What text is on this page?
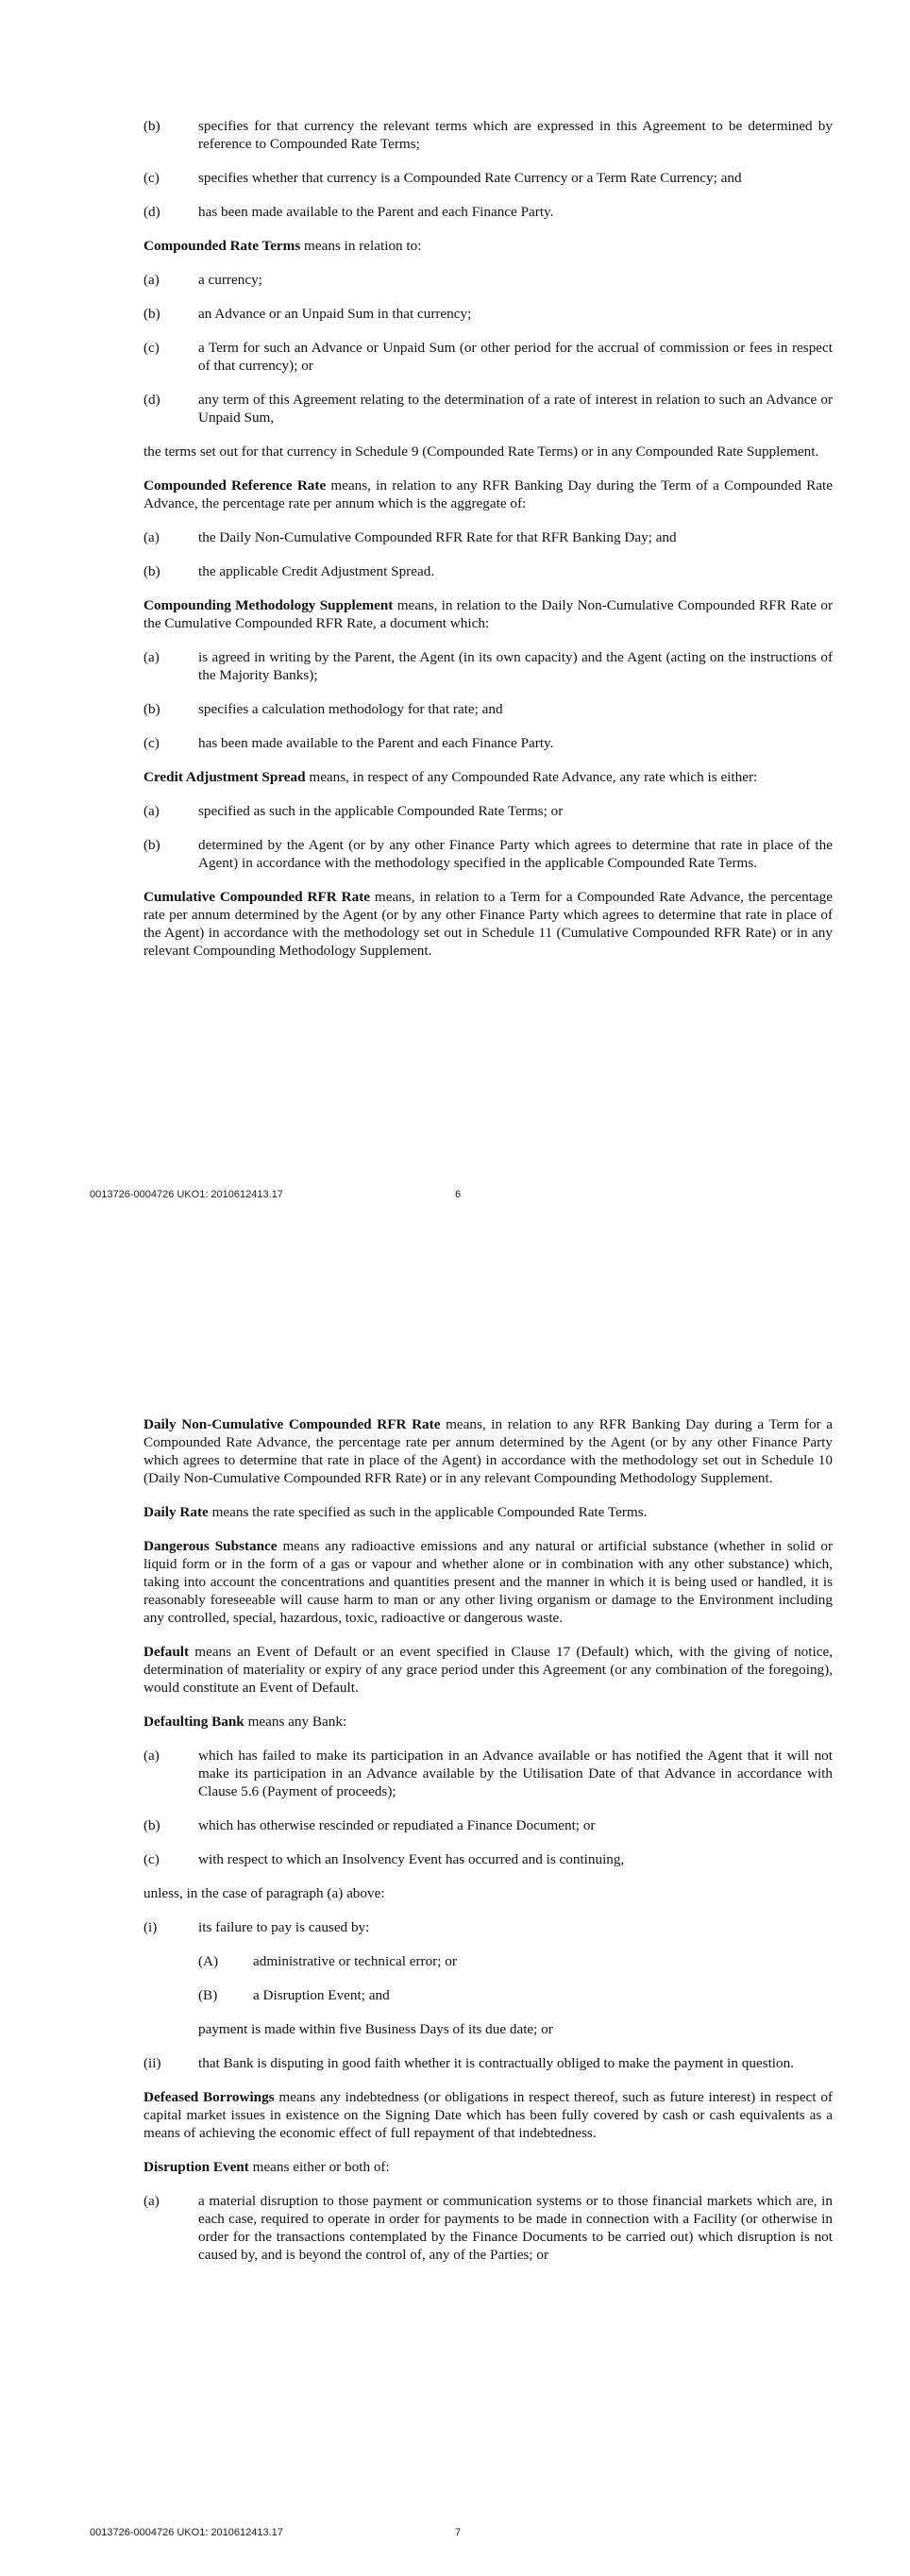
(b)	specifies for that currency the relevant terms which are expressed in this Agreement to be determined by reference to Compounded Rate Terms;
(c)	specifies whether that currency is a Compounded Rate Currency or a Term Rate Currency; and
(d)	has been made available to the Parent and each Finance Party.
Compounded Rate Terms means in relation to:
(a)	a currency;
(b)	an Advance or an Unpaid Sum in that currency;
(c)	a Term for such an Advance or Unpaid Sum (or other period for the accrual of commission or fees in respect of that currency); or
(d)	any term of this Agreement relating to the determination of a rate of interest in relation to such an Advance or Unpaid Sum,
the terms set out for that currency in Schedule 9 (Compounded Rate Terms) or in any Compounded Rate Supplement.
Compounded Reference Rate means, in relation to any RFR Banking Day during the Term of a Compounded Rate Advance, the percentage rate per annum which is the aggregate of:
(a)	the Daily Non-Cumulative Compounded RFR Rate for that RFR Banking Day; and
(b)	the applicable Credit Adjustment Spread.
Compounding Methodology Supplement means, in relation to the Daily Non-Cumulative Compounded RFR Rate or the Cumulative Compounded RFR Rate, a document which:
(a)	is agreed in writing by the Parent, the Agent (in its own capacity) and the Agent (acting on the instructions of the Majority Banks);
(b)	specifies a calculation methodology for that rate; and
(c)	has been made available to the Parent and each Finance Party.
Credit Adjustment Spread means, in respect of any Compounded Rate Advance, any rate which is either:
(a)	specified as such in the applicable Compounded Rate Terms; or
(b)	determined by the Agent (or by any other Finance Party which agrees to determine that rate in place of the Agent) in accordance with the methodology specified in the applicable Compounded Rate Terms.
Cumulative Compounded RFR Rate means, in relation to a Term for a Compounded Rate Advance, the percentage rate per annum determined by the Agent (or by any other Finance Party which agrees to determine that rate in place of the Agent) in accordance with the methodology set out in Schedule 11 (Cumulative Compounded RFR Rate) or in any relevant Compounding Methodology Supplement.
0013726-0004726 UKO1: 2010612413.17	6
Daily Non-Cumulative Compounded RFR Rate means, in relation to any RFR Banking Day during a Term for a Compounded Rate Advance, the percentage rate per annum determined by the Agent (or by any other Finance Party which agrees to determine that rate in place of the Agent) in accordance with the methodology set out in Schedule 10 (Daily Non-Cumulative Compounded RFR Rate) or in any relevant Compounding Methodology Supplement.
Daily Rate means the rate specified as such in the applicable Compounded Rate Terms.
Dangerous Substance means any radioactive emissions and any natural or artificial substance (whether in solid or liquid form or in the form of a gas or vapour and whether alone or in combination with any other substance) which, taking into account the concentrations and quantities present and the manner in which it is being used or handled, it is reasonably foreseeable will cause harm to man or any other living organism or damage to the Environment including any controlled, special, hazardous, toxic, radioactive or dangerous waste.
Default means an Event of Default or an event specified in Clause 17 (Default) which, with the giving of notice, determination of materiality or expiry of any grace period under this Agreement (or any combination of the foregoing), would constitute an Event of Default.
Defaulting Bank means any Bank:
(a)	which has failed to make its participation in an Advance available or has notified the Agent that it will not make its participation in an Advance available by the Utilisation Date of that Advance in accordance with Clause 5.6 (Payment of proceeds);
(b)	which has otherwise rescinded or repudiated a Finance Document; or
(c)	with respect to which an Insolvency Event has occurred and is continuing,
unless, in the case of paragraph (a) above:
(i)	its failure to pay is caused by:
(A)	administrative or technical error; or
(B)	a Disruption Event; and
payment is made within five Business Days of its due date; or
(ii)	that Bank is disputing in good faith whether it is contractually obliged to make the payment in question.
Defeased Borrowings means any indebtedness (or obligations in respect thereof, such as future interest) in respect of capital market issues in existence on the Signing Date which has been fully covered by cash or cash equivalents as a means of achieving the economic effect of full repayment of that indebtedness.
Disruption Event means either or both of:
(a)	a material disruption to those payment or communication systems or to those financial markets which are, in each case, required to operate in order for payments to be made in connection with a Facility (or otherwise in order for the transactions contemplated by the Finance Documents to be carried out) which disruption is not caused by, and is beyond the control of, any of the Parties; or
0013726-0004726 UKO1: 2010612413.17	7
